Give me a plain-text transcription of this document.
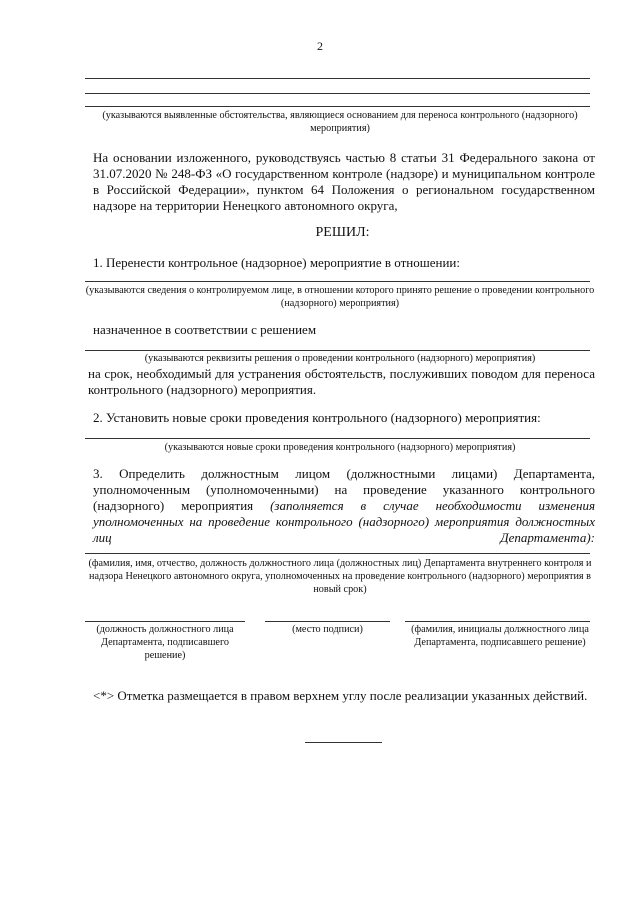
2
(указываются выявленные обстоятельства, являющиеся основанием для переноса контрольного (надзорного) мероприятия)
На основании изложенного, руководствуясь частью 8 статьи 31 Федерального закона от 31.07.2020 № 248-ФЗ «О государственном контроле (надзоре) и муниципальном контроле в Российской Федерации», пунктом 64 Положения о региональном государственном надзоре на территории Ненецкого автономного округа,
РЕШИЛ:
1. Перенести контрольное (надзорное) мероприятие в отношении:
(указываются сведения о контролируемом лице, в отношении которого принято решение о проведении контрольного (надзорного) мероприятия)
назначенное в соответствии с решением
(указываются реквизиты решения о проведении контрольного (надзорного) мероприятия)
на срок, необходимый для устранения обстоятельств, послуживших поводом для переноса контрольного (надзорного) мероприятия.
2. Установить новые сроки проведения контрольного (надзорного) мероприятия:
(указываются новые сроки проведения контрольного (надзорного) мероприятия)
3. Определить должностным лицом (должностными лицами) Департамента, уполномоченным (уполномоченными) на проведение указанного контрольного (надзорного) мероприятия (заполняется в случае необходимости изменения уполномоченных на проведение контрольного (надзорного) мероприятия должностных лиц Департамента):
(фамилия, имя, отчество, должность должностного лица (должностных лиц) Департамента внутреннего контроля и надзора Ненецкого автономного округа, уполномоченных на проведение контрольного (надзорного) мероприятия в новый срок)
(должность должностного лица Департамента, подписавшего решение)
(место подписи)	(фамилия, инициалы должностного лица Департамента, подписавшего решение)
<*> Отметка размещается в правом верхнем углу после реализации указанных действий.
